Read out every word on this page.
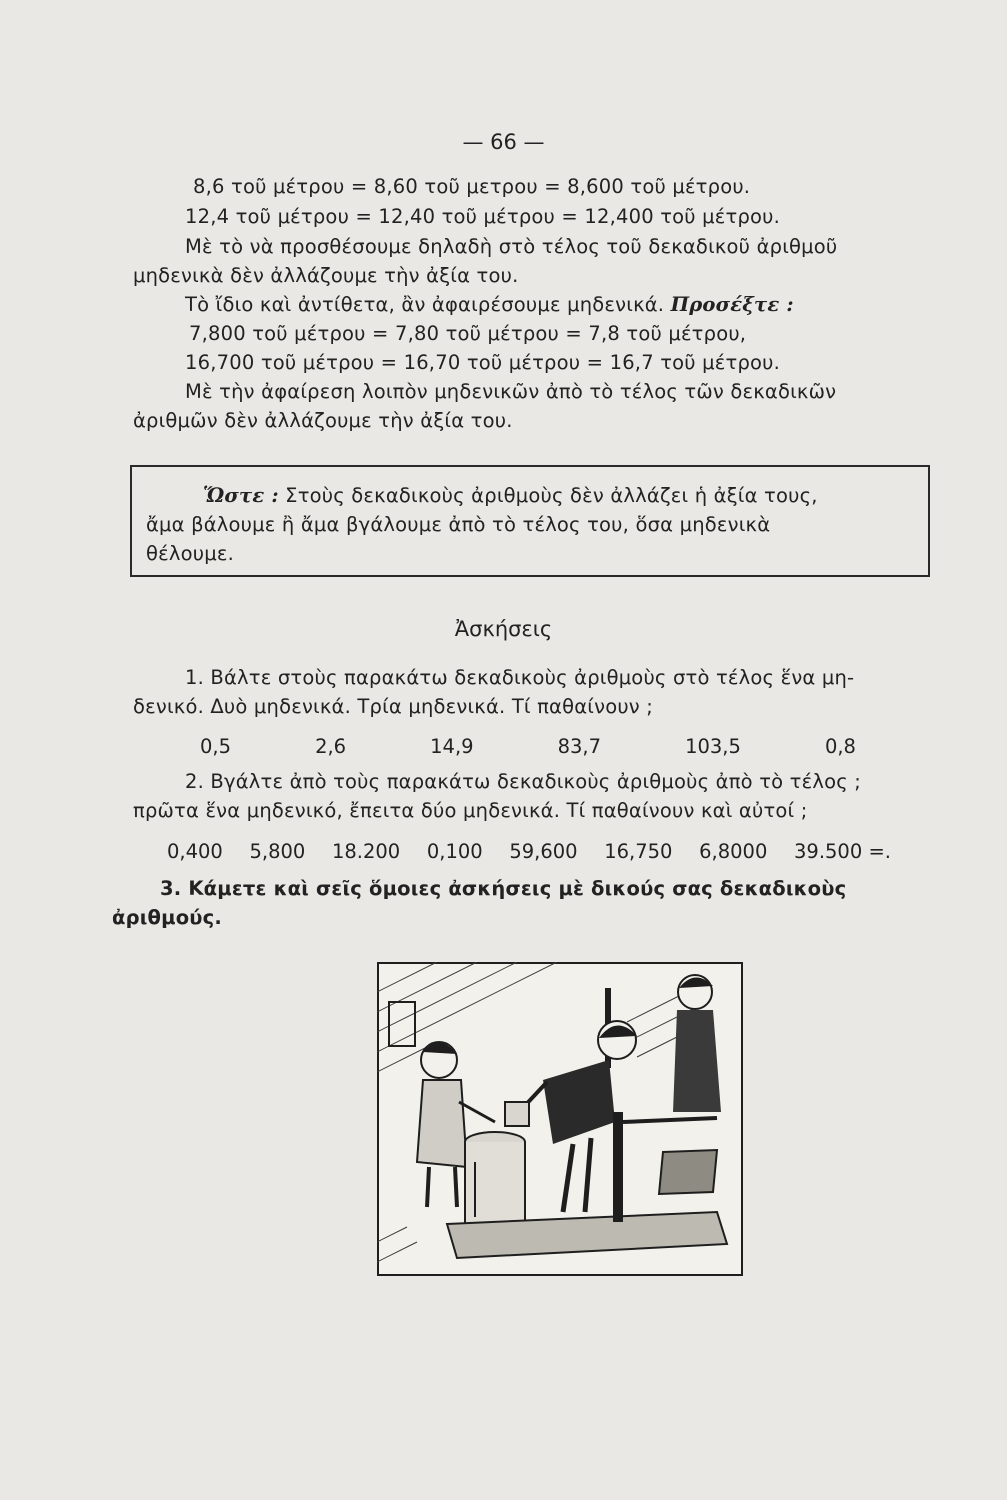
— 66 —
8,6 τοῦ μέτρου = 8,60 τοῦ μετρου = 8,600 τοῦ μέτρου.
12,4 τοῦ μέτρου = 12,40 τοῦ μέτρου = 12,400 τοῦ μέτρου.
Μὲ τὸ νὰ προσθέσουμε δηλαδὴ στὸ τέλος τοῦ δεκαδικοῦ ἀριθμοῦ
μηδενικὰ δὲν ἀλλάζουμε τὴν ἀξία του.
Τὸ ἴδιο καὶ ἀντίθετα, ἂν ἀφαιρέσουμε μηδενικά. Προσέξτε :
7,800 τοῦ μέτρου = 7,80 τοῦ μέτρου = 7,8 τοῦ μέτρου,
16,700 τοῦ μέτρου = 16,70 τοῦ μέτρου = 16,7 τοῦ μέτρου.
Μὲ τὴν ἀφαίρεση λοιπὸν μηδενικῶν ἀπὸ τὸ τέλος τῶν δεκαδικῶν
ἀριθμῶν δὲν ἀλλάζουμε τὴν ἀξία του.
Ὥστε : Στοὺς δεκαδικοὺς ἀριθμοὺς δὲν ἀλλάζει ἡ ἀξία τους,
ἄμα βάλουμε ἢ ἄμα βγάλουμε ἀπὸ τὸ τέλος του, ὅσα μηδενικὰ
θέλουμε.
Ἀσκήσεις
1. Βάλτε στοὺς παρακάτω δεκαδικοὺς ἀριθμοὺς στὸ τέλος ἕνα μη-
δενικό. Δυὸ μηδενικά. Τρία μηδενικά. Τί παθαίνουν ;
0,5	2,6	14,9	83,7	103,5	0,8
2. Βγάλτε ἀπὸ τοὺς παρακάτω δεκαδικοὺς ἀριθμοὺς ἀπὸ τὸ τέλος ;
πρῶτα ἕνα μηδενικό, ἔπειτα δύο μηδενικά. Τί παθαίνουν καὶ αὐτοί ;
0,400 5,800 18.200 0,100 59,600 16,750 6,8000 39.500 =.
3. Κάμετε καὶ σεῖς ὅμοιες ἀσκήσεις μὲ δικούς σας δεκαδικοὺς
ἀριθμούς.
